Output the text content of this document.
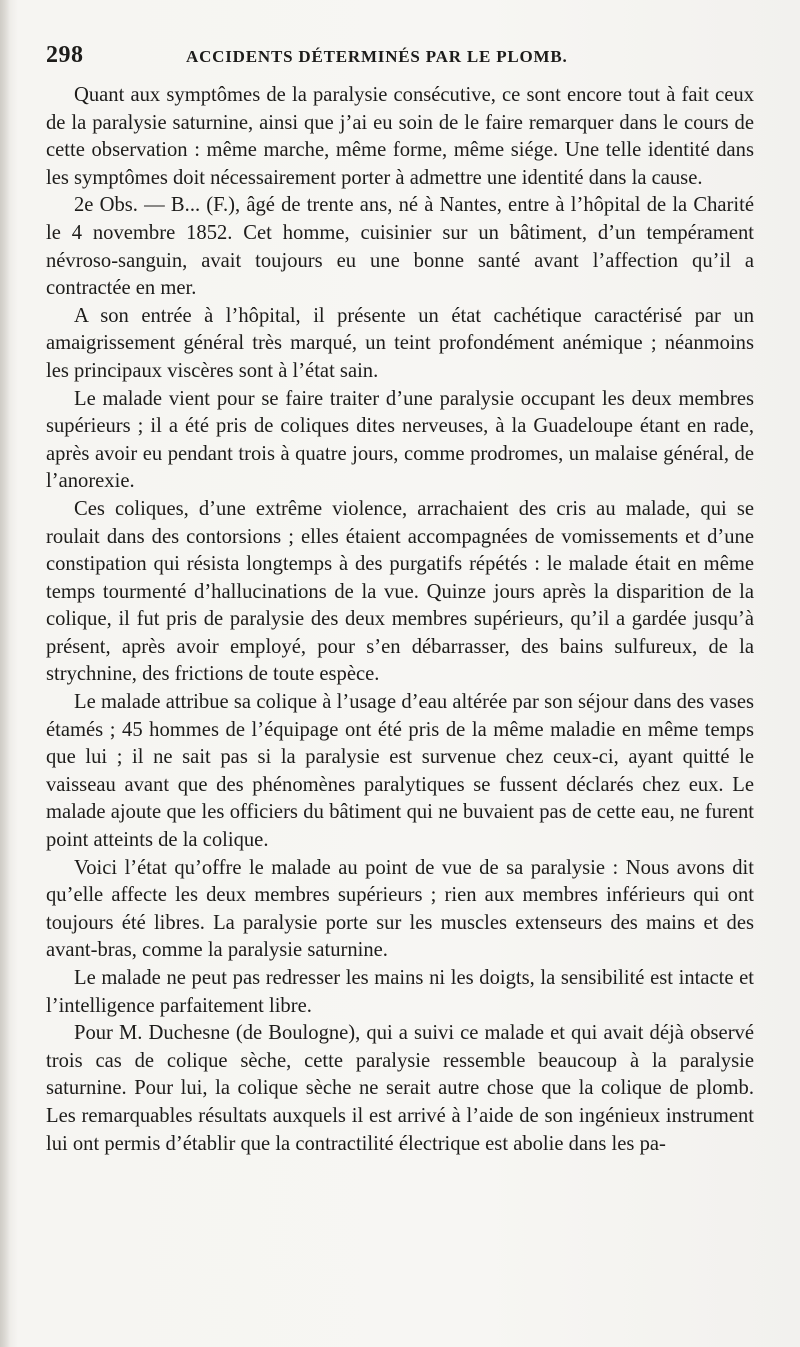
298	ACCIDENTS DÉTERMINÉS PAR LE PLOMB.

Quant aux symptômes de la paralysie consécutive, ce sont encore tout à fait ceux de la paralysie saturnine, ainsi que j’ai eu soin de le faire remarquer dans le cours de cette observation : même marche, même forme, même siége. Une telle identité dans les symptômes doit nécessairement porter à admettre une identité dans la cause.

2e Obs. — B... (F.), âgé de trente ans, né à Nantes, entre à l’hôpital de la Charité le 4 novembre 1852. Cet homme, cuisinier sur un bâtiment, d’un tempérament névroso-sanguin, avait toujours eu une bonne santé avant l’affection qu’il a contractée en mer.

A son entrée à l’hôpital, il présente un état cachétique caractérisé par un amaigrissement général très marqué, un teint profondément anémique ; néanmoins les principaux viscères sont à l’état sain.

Le malade vient pour se faire traiter d’une paralysie occupant les deux membres supérieurs ; il a été pris de coliques dites nerveuses, à la Guadeloupe étant en rade, après avoir eu pendant trois à quatre jours, comme prodromes, un malaise général, de l’anorexie.

Ces coliques, d’une extrême violence, arrachaient des cris au malade, qui se roulait dans des contorsions ; elles étaient accompagnées de vomissements et d’une constipation qui résista longtemps à des purgatifs répétés : le malade était en même temps tourmenté d’hallucinations de la vue. Quinze jours après la disparition de la colique, il fut pris de paralysie des deux membres supérieurs, qu’il a gardée jusqu’à présent, après avoir employé, pour s’en débarrasser, des bains sulfureux, de la strychnine, des frictions de toute espèce.

Le malade attribue sa colique à l’usage d’eau altérée par son séjour dans des vases étamés ; 45 hommes de l’équipage ont été pris de la même maladie en même temps que lui ; il ne sait pas si la paralysie est survenue chez ceux-ci, ayant quitté le vaisseau avant que des phénomènes paralytiques se fussent déclarés chez eux. Le malade ajoute que les officiers du bâtiment qui ne buvaient pas de cette eau, ne furent point atteints de la colique.

Voici l’état qu’offre le malade au point de vue de sa paralysie : Nous avons dit qu’elle affecte les deux membres supérieurs ; rien aux membres inférieurs qui ont toujours été libres. La paralysie porte sur les muscles extenseurs des mains et des avant-bras, comme la paralysie saturnine.

Le malade ne peut pas redresser les mains ni les doigts, la sensibilité est intacte et l’intelligence parfaitement libre.

Pour M. Duchesne (de Boulogne), qui a suivi ce malade et qui avait déjà observé trois cas de colique sèche, cette paralysie ressemble beaucoup à la paralysie saturnine. Pour lui, la colique sèche ne serait autre chose que la colique de plomb. Les remarquables résultats auxquels il est arrivé à l’aide de son ingénieux instrument lui ont permis d’établir que la contractilité électrique est abolie dans les pa-
